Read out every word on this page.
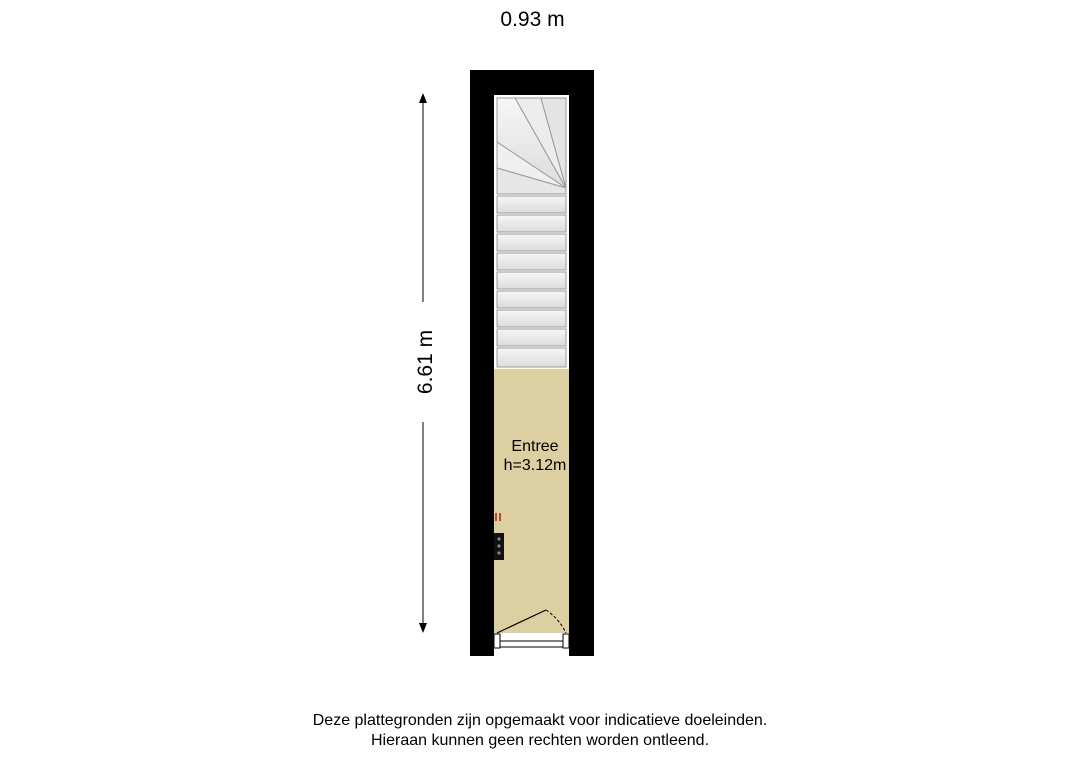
0.93 m
6.61 m
Entree
h=3.12m
Deze plattegronden zijn opgemaakt voor indicatieve doeleinden.
Hieraan kunnen geen rechten worden ontleend.
